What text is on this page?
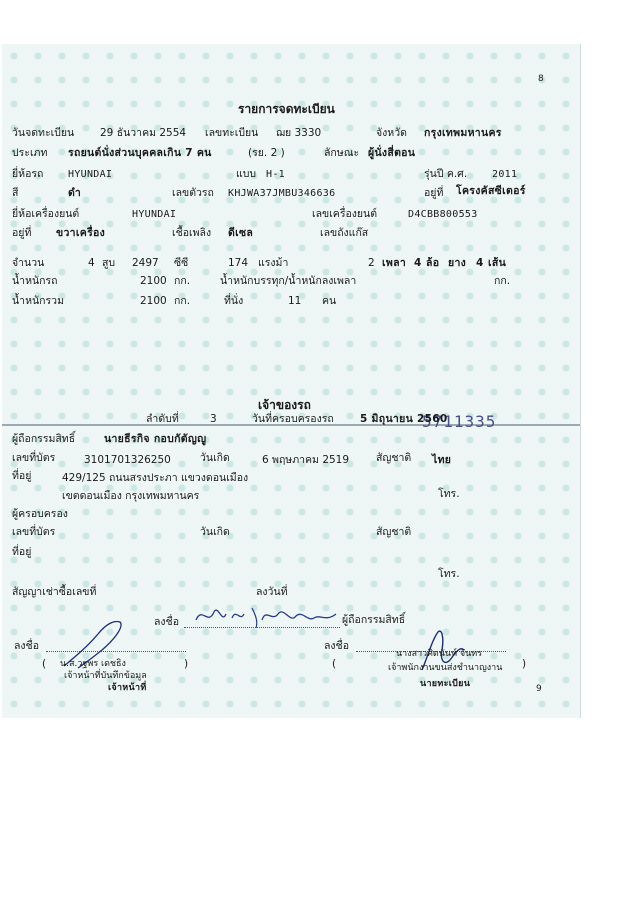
8
รายการจดทะเบียน
วันจดทะเบียน 29 ธันวาคม 2554 เลขทะเบียน ฌย 3330	จังหวัด กรุงเทพมหานคร
ประเภท รถยนต์นั่งส่วนบุคคลเกิน 7 คน	(รย. 2 )	ลักษณะ ผู้นั่งสี่ตอน
ยี่ห้อรถ HYUNDAI	แบบ H-1	รุ่นปี ค.ศ. 2011
สี	ดำ	เลขตัวรถ KHJWA37JMBU346636	อยู่ที่ โครงคัสซีเตอร์
ยี่ห้อเครื่องยนต์	HYUNDAI	เลขเครื่องยนต์	D4CBB800553
อยู่ที่ ขวาเครื่อง	เชื้อเพลิง ดีเซล	เลขถังแก๊ส
จำนวน	4 สูบ 2497 ซีซี	174 แรงม้า	2 เพลา 4 ล้อ ยาง 4 เส้น
น้ำหนักรถ	2100 กก.	น้ำหนักบรรทุก/น้ำหนักลงเพลา	กก.
น้ำหนักรวม	2100 กก.	ที่นั่ง	11 คน
5711335
เจ้าของรถ
ลำดับที่	3	วันที่ครอบครองรถ	5 มิถุนายน 2560
ผู้ถือกรรมสิทธิ์	นายธีรกิจ กอบกัตัญญู
เลขที่บัตร	3101701326250	วันเกิด	6 พฤษภาคม 2519	สัญชาติ ไทย
ที่อยู่	429/125 ถนนสรงประภา แขวงดอนเมือง
เขตดอนเมือง กรุงเทพมหานคร	โทร.
ผู้ครอบครอง
เลขที่บัตร	วันเกิด	สัญชาติ
ที่อยู่
โทร.
สัญญาเช่าซื้อเลขที่	ลงวันที่
ลงชื่อ	ผู้ถือกรรมสิทธิ์
ลงชื่อ	ลงชื่อ
( น.ส.วฐพร เดชธิง	)
เจ้าหน้าที่บันทึกข้อมูล
เจ้าหน้าที่
นางสาวศิตนันท์ จันทร
(	เจ้าพนักงานขนส่งชำนาญงาน )
นายทะเบียน	9
